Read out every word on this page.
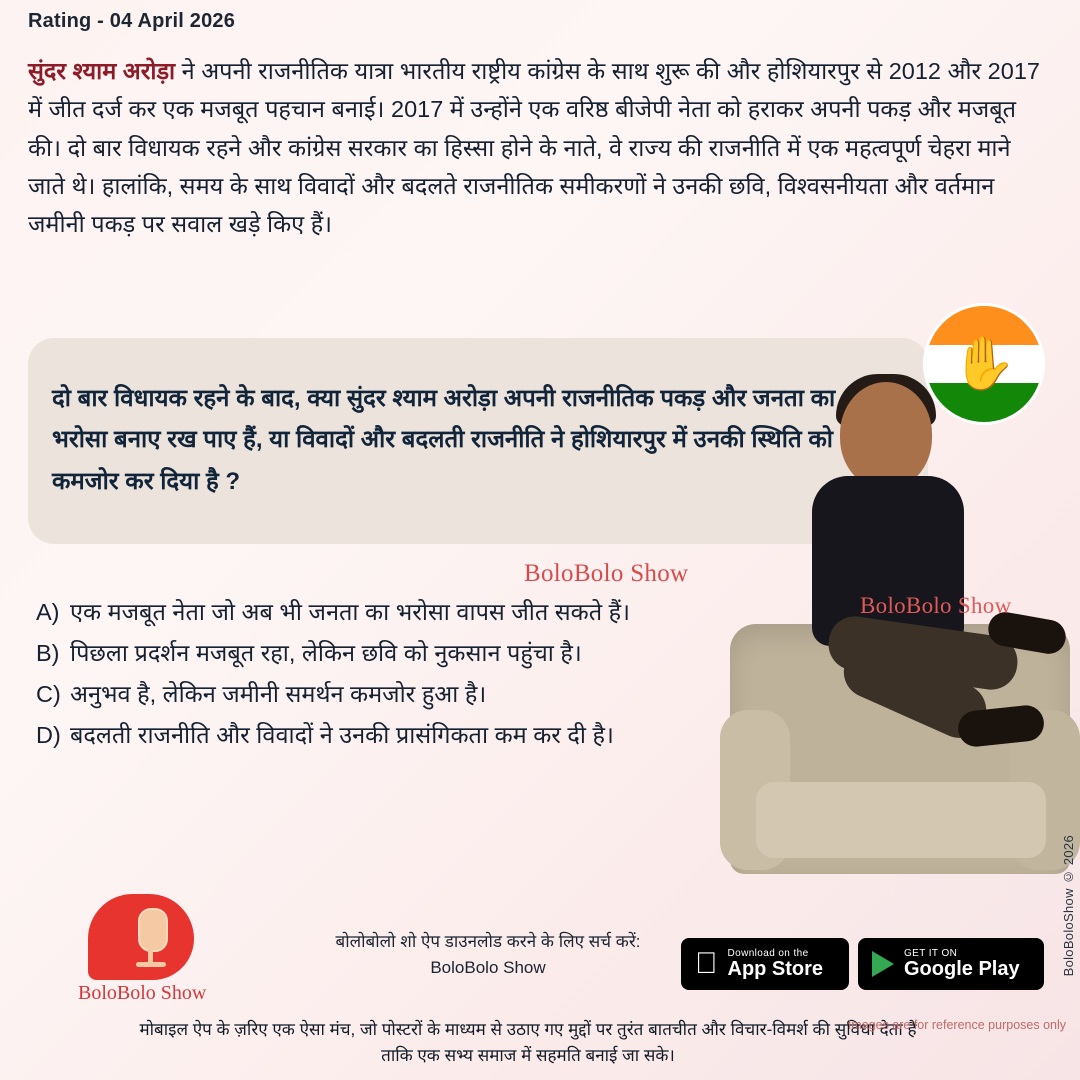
Rating - 04 April 2026
सुंदर श्याम अरोड़ा ने अपनी राजनीतिक यात्रा भारतीय राष्ट्रीय कांग्रेस के साथ शुरू की और होशियारपुर से 2012 और 2017 में जीत दर्ज कर एक मजबूत पहचान बनाई। 2017 में उन्होंने एक वरिष्ठ बीजेपी नेता को हराकर अपनी पकड़ और मजबूत की। दो बार विधायक रहने और कांग्रेस सरकार का हिस्सा होने के नाते, वे राज्य की राजनीति में एक महत्वपूर्ण चेहरा माने जाते थे। हालांकि, समय के साथ विवादों और बदलते राजनीतिक समीकरणों ने उनकी छवि, विश्वसनीयता और वर्तमान जमीनी पकड़ पर सवाल खड़े किए हैं।
दो बार विधायक रहने के बाद, क्या सुंदर श्याम अरोड़ा अपनी राजनीतिक पकड़ और जनता का भरोसा बनाए रख पाए हैं, या विवादों और बदलती राजनीति ने होशियारपुर में उनकी स्थिति को कमजोर कर दिया है ?
✋
BoloBolo Show
BoloBolo Show
A) एक मजबूत नेता जो अब भी जनता का भरोसा वापस जीत सकते हैं।
B) पिछला प्रदर्शन मजबूत रहा, लेकिन छवि को नुकसान पहुंचा है।
C) अनुभव है, लेकिन जमीनी समर्थन कमजोर हुआ है।
D) बदलती राजनीति और विवादों ने उनकी प्रासंगिकता कम कर दी है।
BoloBolo Show
बोलोबोलो शो ऐप डाउनलोड करने के लिए सर्च करें:
BoloBolo Show
Download on the
App Store
GET IT ON
Google Play
मोबाइल ऐप के ज़रिए एक ऐसा मंच, जो पोस्टरों के माध्यम से उठाए गए मुद्दों पर तुरंत बातचीत और विचार-विमर्श की सुविधा देता है
ताकि एक सभ्य समाज में सहमति बनाई जा सके।
BoloBoloShow © 2026
Images are for reference purposes only
